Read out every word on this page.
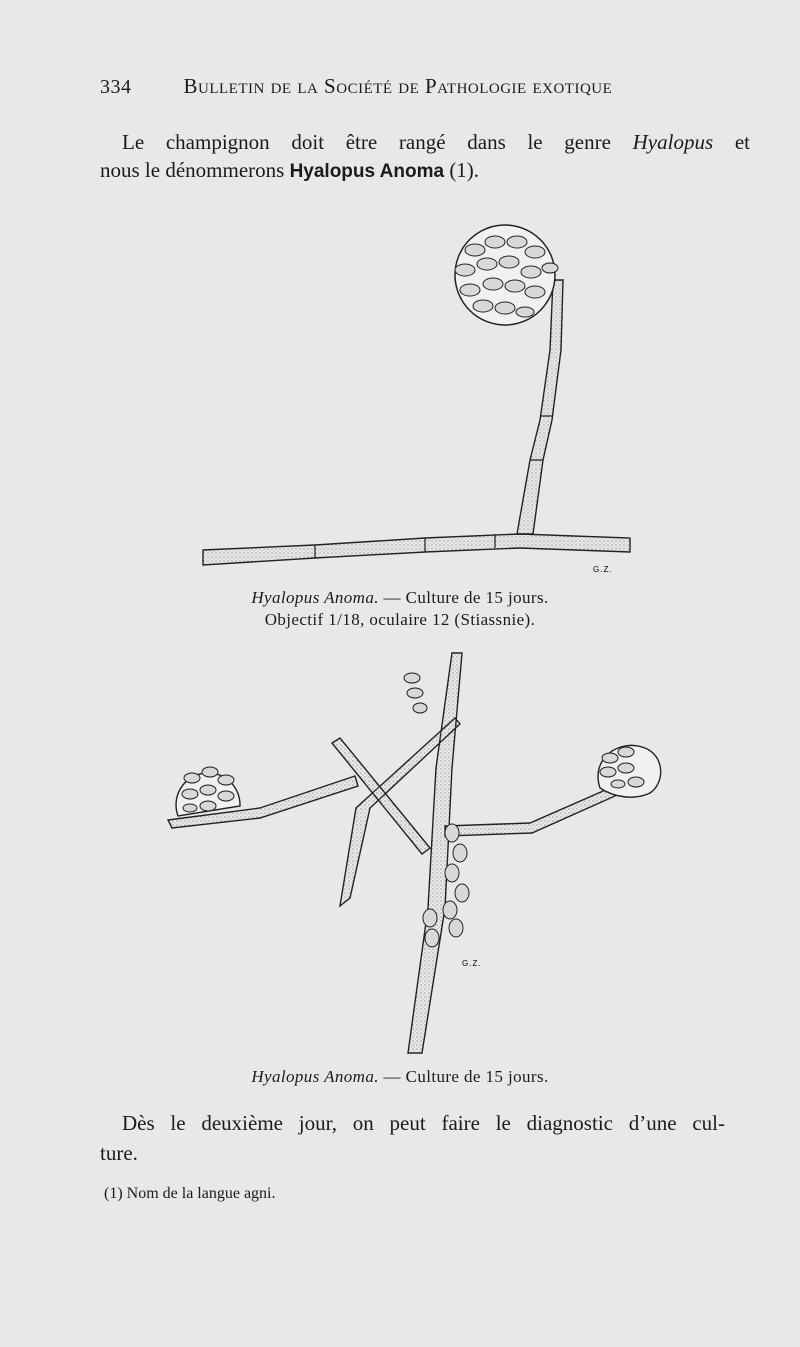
334 Bulletin de la Société de Pathologie exotique
Le champignon doit être rangé dans le genre Hyalopus et
nous le dénommerons Hyalopus Anoma (1).
G.Z.
Hyalopus Anoma. — Culture de 15 jours.
Objectif 1/18, oculaire 12 (Stiassnie).
G.Z.
Hyalopus Anoma. — Culture de 15 jours.
Dès le deuxième jour, on peut faire le diagnostic d’une cul-
ture.
(1) Nom de la langue agni.
